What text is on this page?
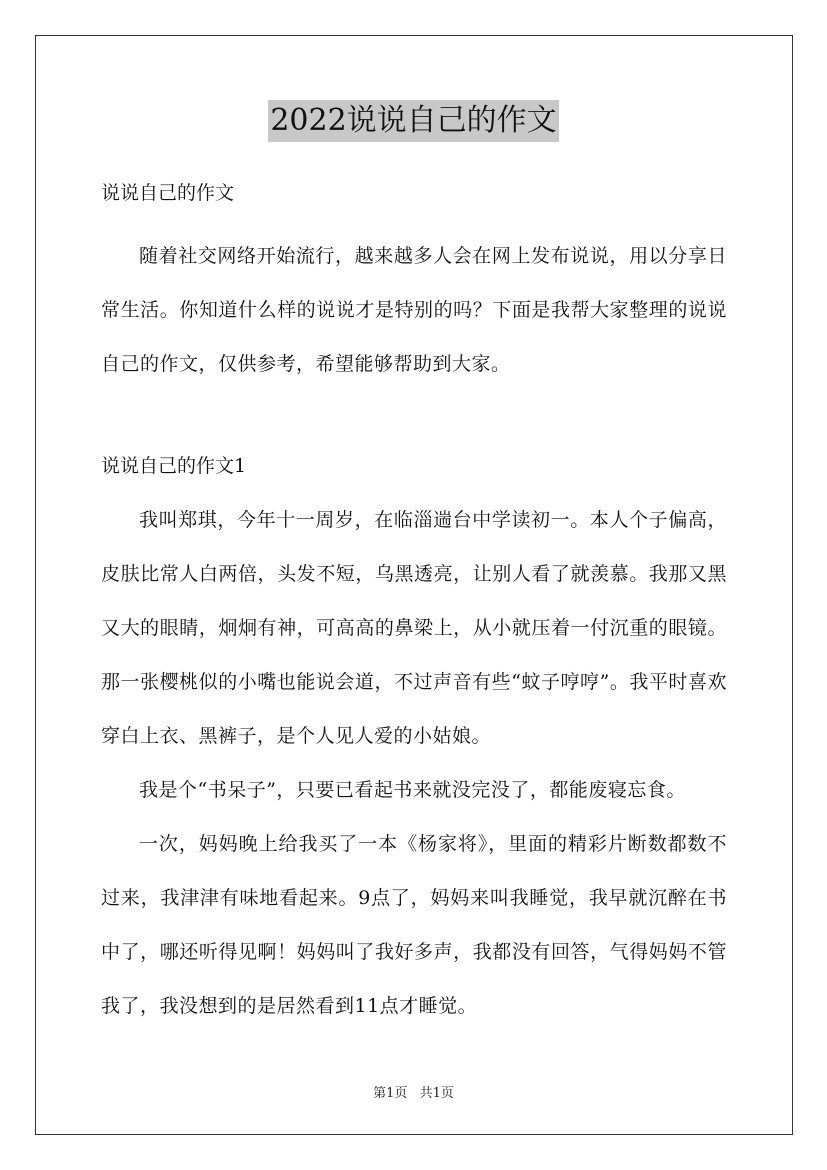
2022说说自己的作文

说说自己的作文

随着社交网络开始流行，越来越多人会在网上发布说说，用以分享日常生活。你知道什么样的说说才是特别的吗？下面是我帮大家整理的说说自己的作文，仅供参考，希望能够帮助到大家。

说说自己的作文1

我叫郑琪，今年十一周岁，在临淄遄台中学读初一。本人个子偏高，皮肤比常人白两倍，头发不短，乌黑透亮，让别人看了就羡慕。我那又黑又大的眼睛，炯炯有神，可高高的鼻梁上，从小就压着一付沉重的眼镜。那一张樱桃似的小嘴也能说会道，不过声音有些“蚊子哼哼”。我平时喜欢穿白上衣、黑裤子，是个人见人爱的小姑娘。

我是个“书呆子”，只要已看起书来就没完没了，都能废寝忘食。

一次，妈妈晚上给我买了一本《杨家将》，里面的精彩片断数都数不过来，我津津有味地看起来。9点了，妈妈来叫我睡觉，我早就沉醉在书中了，哪还听得见啊！妈妈叫了我好多声，我都没有回答，气得妈妈不管我了，我没想到的是居然看到11点才睡觉。

第1页 共1页
